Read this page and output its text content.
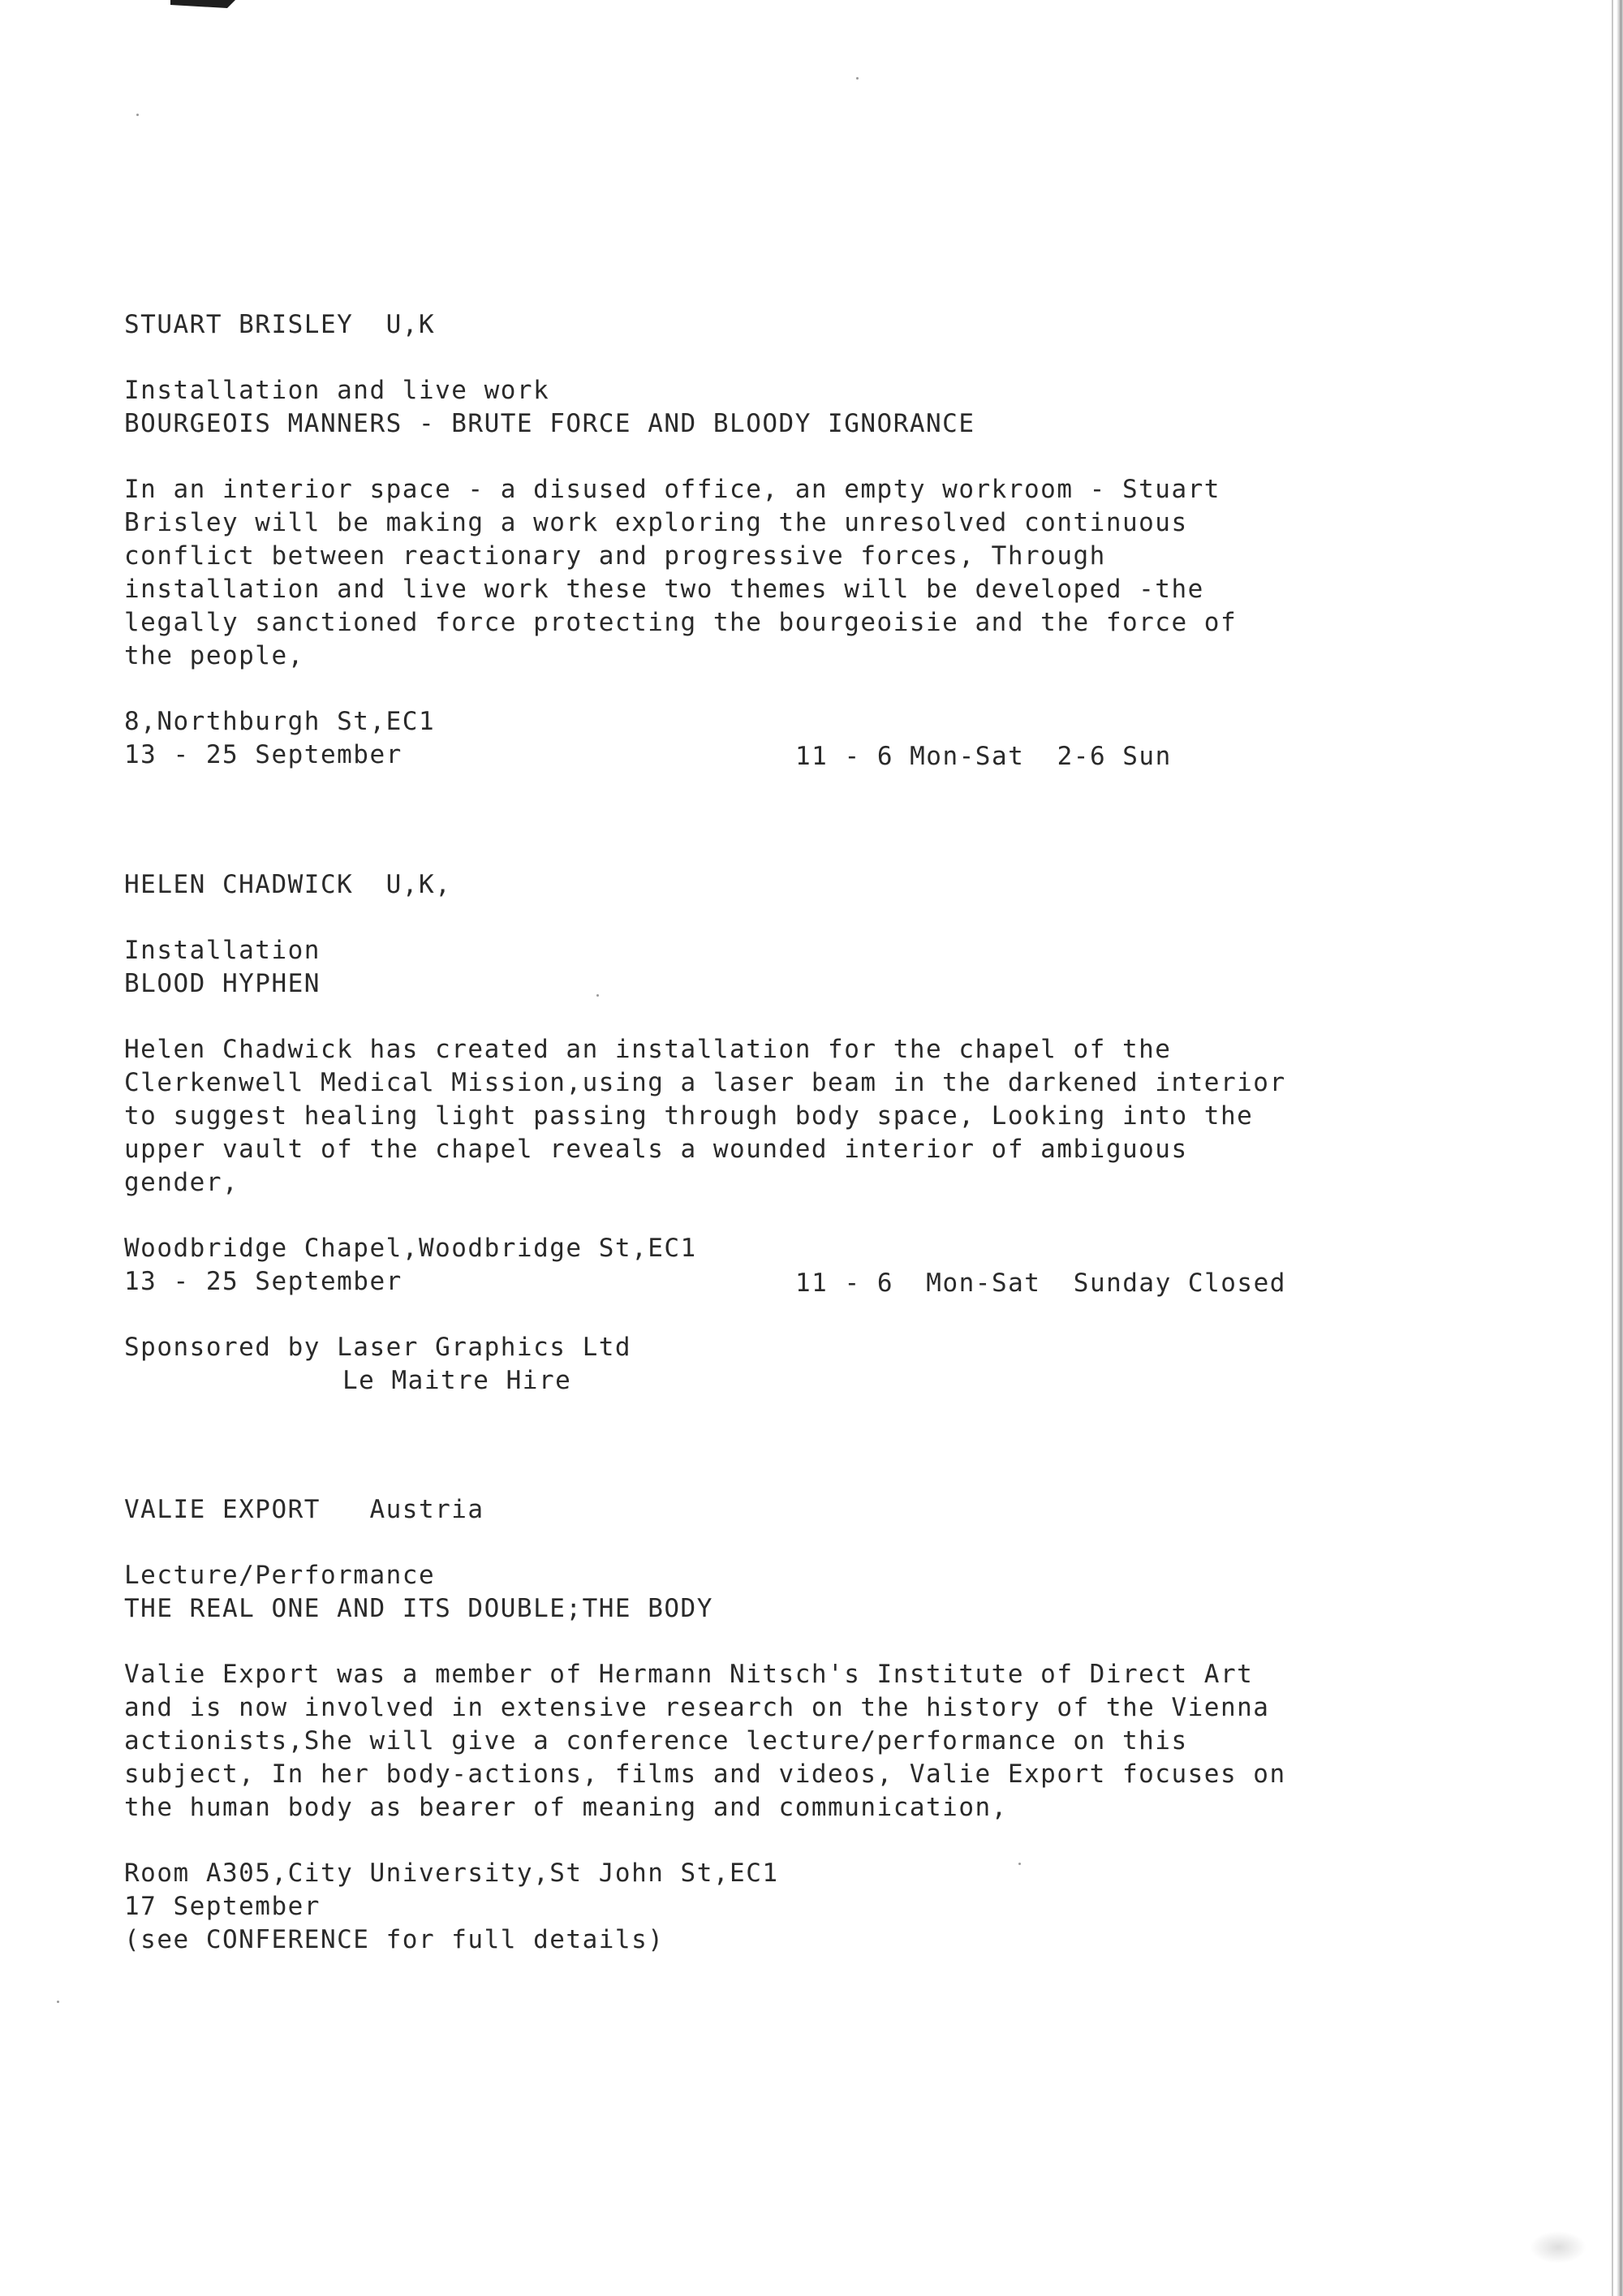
STUART BRISLEY  U,K
Installation and live work
BOURGEOIS MANNERS - BRUTE FORCE AND BLOODY IGNORANCE
In an interior space - a disused office, an empty workroom - Stuart
Brisley will be making a work exploring the unresolved continuous
conflict between reactionary and progressive forces, Through
installation and live work these two themes will be developed -the
legally sanctioned force protecting the bourgeoisie and the force of
the people,
8,Northburgh St,EC1
13 - 25 September	11 - 6 Mon-Sat  2-6 Sun
HELEN CHADWICK  U,K,
Installation
BLOOD HYPHEN
Helen Chadwick has created an installation for the chapel of the
Clerkenwell Medical Mission,using a laser beam in the darkened interior
to suggest healing light passing through body space, Looking into the
upper vault of the chapel reveals a wounded interior of ambiguous
gender,
Woodbridge Chapel,Woodbridge St,EC1
13 - 25 September	11 - 6  Mon-Sat  Sunday Closed
Sponsored by Laser Graphics Ltd
Le Maitre Hire
VALIE EXPORT   Austria
Lecture/Performance
THE REAL ONE AND ITS DOUBLE;THE BODY
Valie Export was a member of Hermann Nitsch's Institute of Direct Art
and is now involved in extensive research on the history of the Vienna
actionists,She will give a conference lecture/performance on this
subject, In her body-actions, films and videos, Valie Export focuses on
the human body as bearer of meaning and communication,
Room A305,City University,St John St,EC1
17 September
(see CONFERENCE for full details)
